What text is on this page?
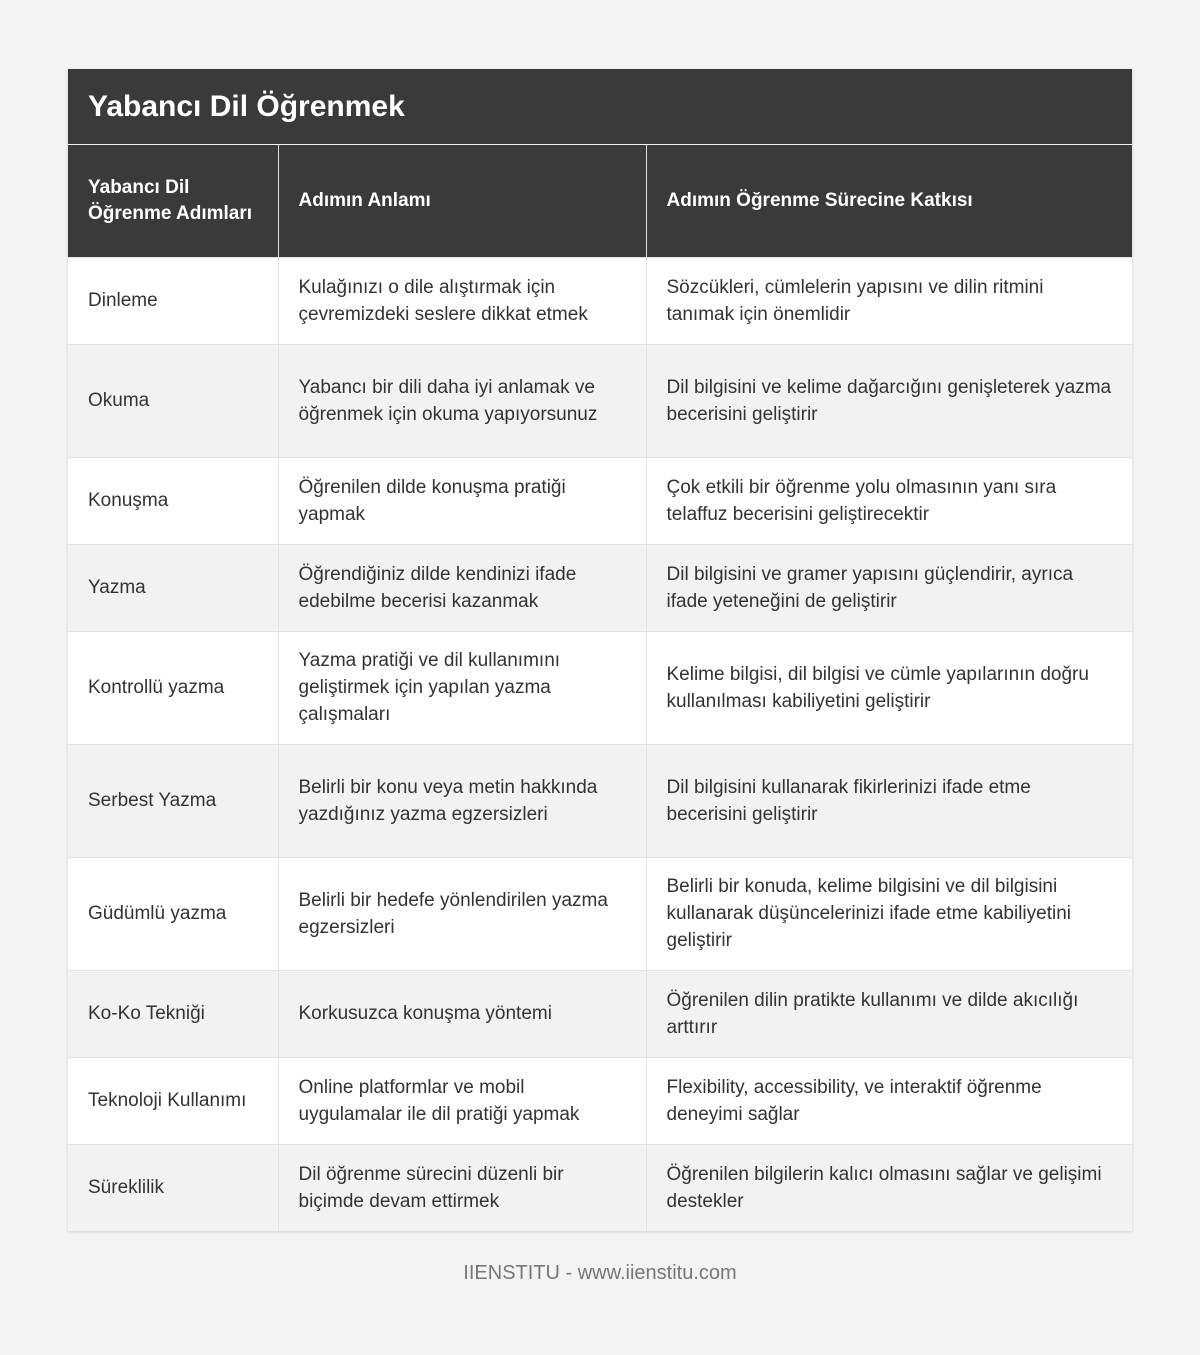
Yabancı Dil Öğrenmek
Yabancı Dil Öğrenme Adımları	Adımın Anlamı	Adımın Öğrenme Sürecine Katkısı
Dinleme	Kulağınızı o dile alıştırmak için çevremizdeki seslere dikkat etmek	Sözcükleri, cümlelerin yapısını ve dilin ritmini tanımak için önemlidir
Okuma	Yabancı bir dili daha iyi anlamak ve öğrenmek için okuma yapıyorsunuz	Dil bilgisini ve kelime dağarcığını genişleterek yazma becerisini geliştirir
Konuşma	Öğrenilen dilde konuşma pratiği yapmak	Çok etkili bir öğrenme yolu olmasının yanı sıra telaffuz becerisini geliştirecektir
Yazma	Öğrendiğiniz dilde kendinizi ifade edebilme becerisi kazanmak	Dil bilgisini ve gramer yapısını güçlendirir, ayrıca ifade yeteneğini de geliştirir
Kontrollü yazma	Yazma pratiği ve dil kullanımını geliştirmek için yapılan yazma çalışmaları	Kelime bilgisi, dil bilgisi ve cümle yapılarının doğru kullanılması kabiliyetini geliştirir
Serbest Yazma	Belirli bir konu veya metin hakkında yazdığınız yazma egzersizleri	Dil bilgisini kullanarak fikirlerinizi ifade etme becerisini geliştirir
Güdümlü yazma	Belirli bir hedefe yönlendirilen yazma egzersizleri	Belirli bir konuda, kelime bilgisini ve dil bilgisini kullanarak düşüncelerinizi ifade etme kabiliyetini geliştirir
Ko-Ko Tekniği	Korkusuzca konuşma yöntemi	Öğrenilen dilin pratikte kullanımı ve dilde akıcılığı arttırır
Teknoloji Kullanımı	Online platformlar ve mobil uygulamalar ile dil pratiği yapmak	Flexibility, accessibility, ve interaktif öğrenme deneyimi sağlar
Süreklilik	Dil öğrenme sürecini düzenli bir biçimde devam ettirmek	Öğrenilen bilgilerin kalıcı olmasını sağlar ve gelişimi destekler
IIENSTITU - www.iienstitu.com
